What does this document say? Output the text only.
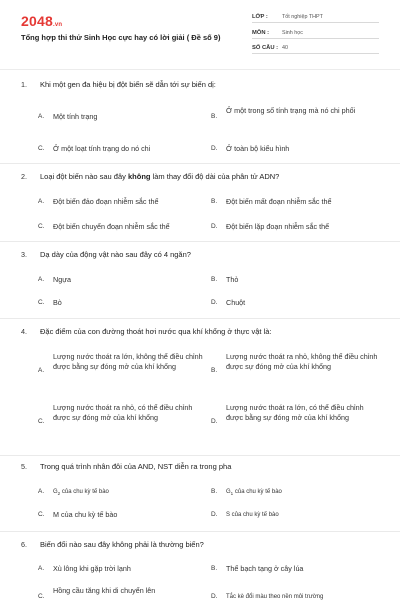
2048.vn
Tổng hợp thi thử Sinh Học cực hay có lời giải ( Đề số 9)
LỚP :	Tốt nghiệp THPT
MÔN :	Sinh học
SỐ CÂU : 40
1. Khi một gen đa hiệu bị đột biến sẽ dẫn tới sự biến dị:
A. Một tính trạng	B.
Ở một trong số tính trạng mà nó chi phối
C. Ở một loạt tính trạng do nó chi	D. Ở toàn bộ kiểu hình
2. Loại đột biến nào sau đây không làm thay đổi độ dài của phân tử ADN?
A. Đột biến đảo đoạn nhiễm sắc thể	B. Đột biến mất đoạn nhiễm sắc thể
C. Đột biến chuyển đoạn nhiễm sắc thể	D. Đột biến lặp đoạn nhiễm sắc thể
3. Dạ dày của động vật nào sau đây có 4 ngăn?
A. Ngựa	B. Thỏ
C. Bò	D. Chuột
4. Đặc điểm của con đường thoát hơi nước qua khí khổng ở thực vật là:
A.
Lượng nước thoát ra lớn, không thể điều chỉnh được bằng sự đóng mở của khí khổng	B.
Lượng nước thoát ra nhỏ, không thể điều chỉnh được sự đóng mở của khí khổng
C.
Lượng nước thoát ra nhỏ, có thể điều chỉnh được sự đóng mở của khí khổng	D.
Lượng nước thoát ra lớn, có thể điều chỉnh được bằng sự đóng mở của khí khổng
5. Trong quá trình nhân đôi của AND, NST diễn ra trong pha
A. $G_2$ của chu kỳ tế bào	B. $G_1$ của chu kỳ tế bào
C. M của chu kỳ tế bào	D. S của chu kỳ tế bào
6. Biến đổi nào sau đây không phải là thường biến?
A. Xù lông khi gặp trời lạnh	B. Thể bạch tạng ở cây lúa
C.
Hồng cầu tăng khi di chuyển lên
D. Tắc kè đổi màu theo nền môi trường
